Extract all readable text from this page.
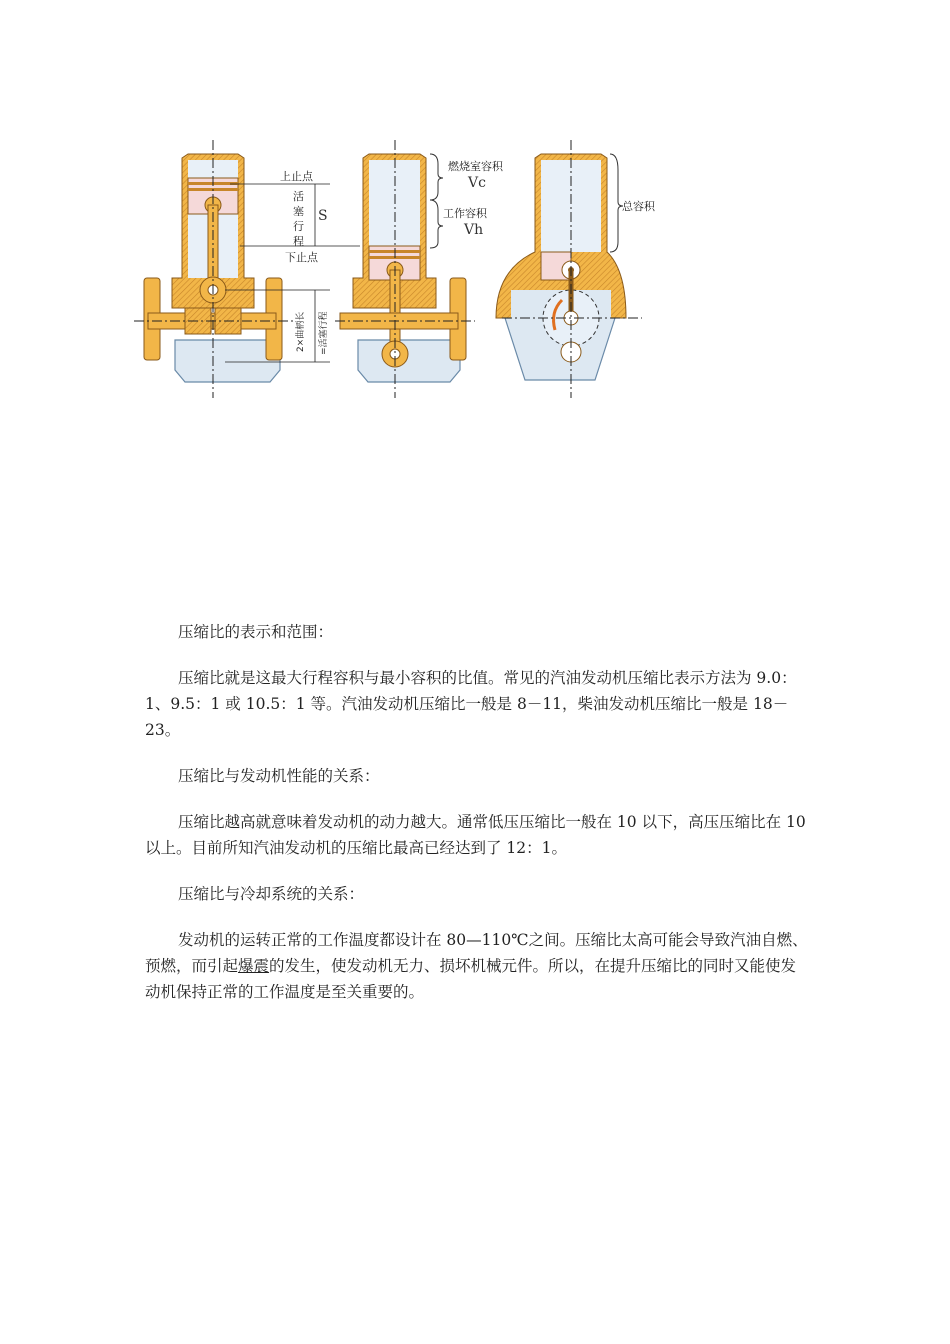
上止点
活
塞
行
程
S
下止点
2×曲柄长 =活塞行程
燃烧室容积
Vc
工作容积
Vh
总容积

压缩比的表示和范围：

压缩比就是这最大行程容积与最小容积的比值。常见的汽油发动机压缩比表示方法为 9.0：1、9.5：1 或 10.5：1 等。汽油发动机压缩比一般是 8－11，柴油发动机压缩比一般是 18－23。

压缩比与发动机性能的关系：

压缩比越高就意味着发动机的动力越大。通常低压压缩比一般在 10 以下，高压压缩比在 10 以上。目前所知汽油发动机的压缩比最高已经达到了 12：1。

压缩比与冷却系统的关系：

发动机的运转正常的工作温度都设计在 80—110℃之间。压缩比太高可能会导致汽油自燃、预燃，而引起爆震的发生，使发动机无力、损坏机械元件。所以，在提升压缩比的同时又能使发动机保持正常的工作温度是至关重要的。
